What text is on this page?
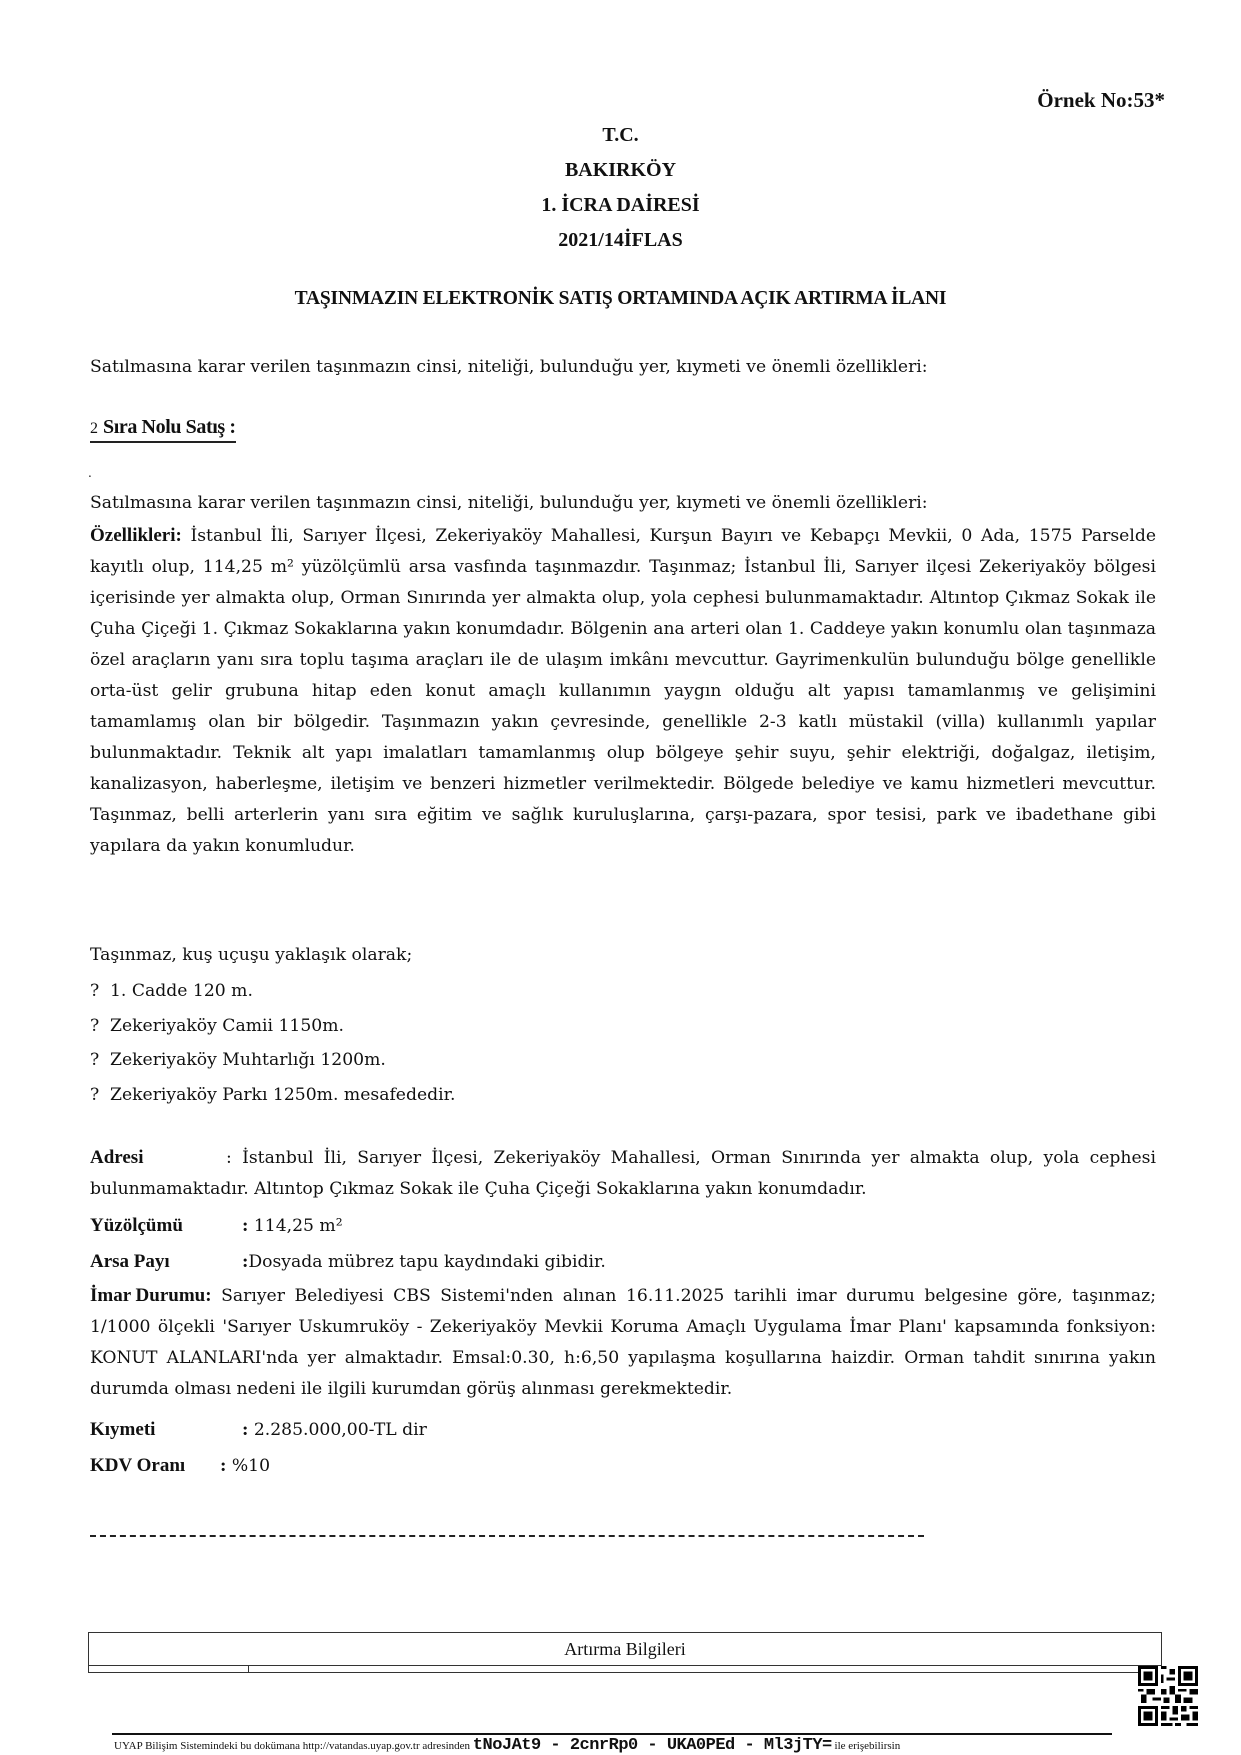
Örnek No:53*
T.C.
BAKIRKÖY
1. İCRA DAİRESİ
2021/14İFLAS
TAŞINMAZIN ELEKTRONİK SATIŞ ORTAMINDA AÇIK ARTIRMA İLANI
Satılmasına karar verilen taşınmazın cinsi, niteliği, bulunduğu yer, kıymeti ve önemli özellikleri:
2 Sıra Nolu Satış :
.
Satılmasına karar verilen taşınmazın cinsi, niteliği, bulunduğu yer, kıymeti ve önemli özellikleri:
Özellikleri: İstanbul İli, Sarıyer İlçesi, Zekeriyaköy Mahallesi, Kurşun Bayırı ve Kebapçı Mevkii, 0 Ada, 1575 Parselde kayıtlı olup, 114,25 m² yüzölçümlü arsa vasfında taşınmazdır. Taşınmaz; İstanbul İli, Sarıyer ilçesi Zekeriyaköy bölgesi içerisinde yer almakta olup, Orman Sınırında yer almakta olup, yola cephesi bulunmamaktadır. Altıntop Çıkmaz Sokak ile Çuha Çiçeği 1. Çıkmaz Sokaklarına yakın konumdadır. Bölgenin ana arteri olan 1. Caddeye yakın konumlu olan taşınmaza özel araçların yanı sıra toplu taşıma araçları ile de ulaşım imkânı mevcuttur. Gayrimenkulün bulunduğu bölge genellikle orta-üst gelir grubuna hitap eden konut amaçlı kullanımın yaygın olduğu alt yapısı tamamlanmış ve gelişimini tamamlamış olan bir bölgedir. Taşınmazın yakın çevresinde, genellikle 2-3 katlı müstakil (villa) kullanımlı yapılar bulunmaktadır. Teknik alt yapı imalatları tamamlanmış olup bölgeye şehir suyu, şehir elektriği, doğalgaz, iletişim, kanalizasyon, haberleşme, iletişim ve benzeri hizmetler verilmektedir. Bölgede belediye ve kamu hizmetleri mevcuttur. Taşınmaz, belli arterlerin yanı sıra eğitim ve sağlık kuruluşlarına, çarşı-pazara, spor tesisi, park ve ibadethane gibi yapılara da yakın konumludur.
Taşınmaz, kuş uçuşu yaklaşık olarak;
? 1. Cadde 120 m.
? Zekeriyaköy Camii 1150m.
? Zekeriyaköy Muhtarlığı 1200m.
? Zekeriyaköy Parkı 1250m. mesafededir.
Adresi	: İstanbul İli, Sarıyer İlçesi, Zekeriyaköy Mahallesi, Orman Sınırında yer almakta olup, yola cephesi bulunmamaktadır. Altıntop Çıkmaz Sokak ile Çuha Çiçeği Sokaklarına yakın konumdadır.
Yüzölçümü	: 114,25 m²
Arsa Payı	:Dosyada mübrez tapu kaydındaki gibidir.
İmar Durumu: Sarıyer Belediyesi CBS Sistemi'nden alınan 16.11.2025 tarihli imar durumu belgesine göre, taşınmaz; 1/1000 ölçekli 'Sarıyer Uskumruköy - Zekeriyaköy Mevkii Koruma Amaçlı Uygulama İmar Planı' kapsamında fonksiyon: KONUT ALANLARI'nda yer almaktadır. Emsal:0.30, h:6,50 yapılaşma koşullarına haizdir. Orman tahdit sınırına yakın durumda olması nedeni ile ilgili kurumdan görüş alınması gerekmektedir.
Kıymeti	: 2.285.000,00-TL dir
KDV Oranı : %10
Artırma Bilgileri

UYAP Bilişim Sistemindeki bu dokümana http://vatandas.uyap.gov.tr adresinden tNoJAt9 - 2cnrRp0 - UKA0PEd - Ml3jTY= ile erişebilirsin
